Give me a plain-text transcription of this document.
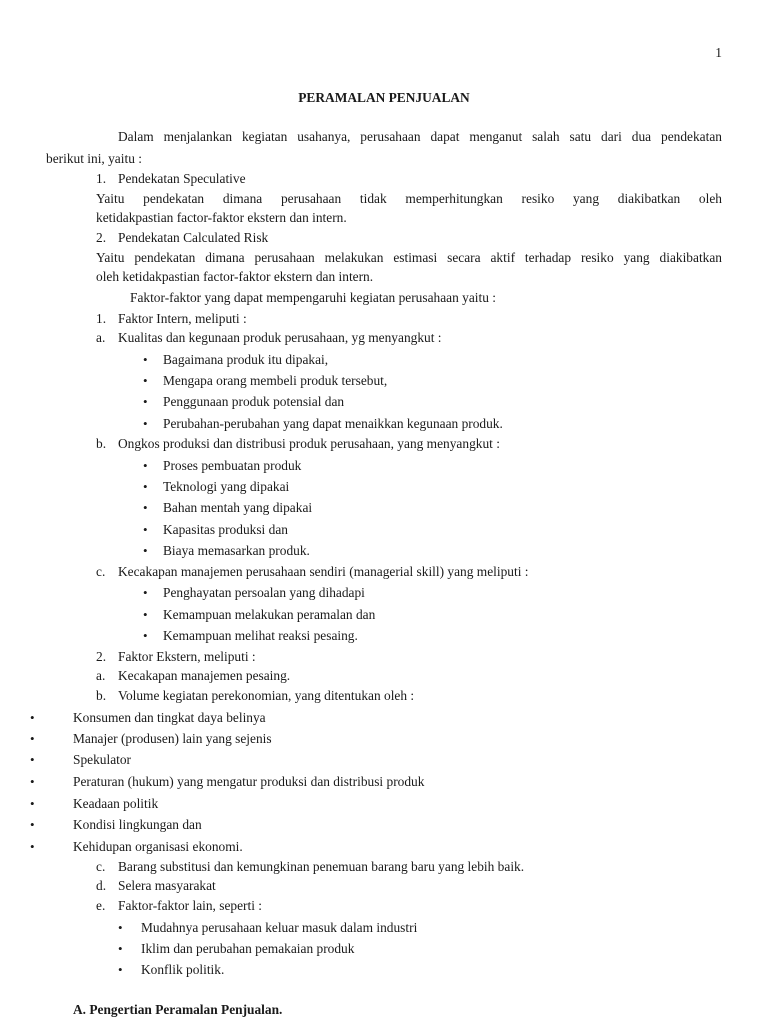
1
PERAMALAN PENJUALAN
Dalam menjalankan kegiatan usahanya, perusahaan dapat menganut salah satu dari dua pendekatan
berikut ini, yaitu :
1. Pendekatan Speculative
Yaitu pendekatan dimana perusahaan tidak memperhitungkan resiko yang diakibatkan oleh
ketidakpastian factor-faktor ekstern dan intern.
2. Pendekatan Calculated Risk
Yaitu pendekatan dimana perusahaan melakukan estimasi secara aktif terhadap resiko yang diakibatkan
oleh ketidakpastian factor-faktor ekstern dan intern.
Faktor-faktor yang dapat mempengaruhi kegiatan perusahaan yaitu :
1. Faktor Intern, meliputi :
a. Kualitas dan kegunaan produk perusahaan, yg menyangkut :
• Bagaimana produk itu dipakai,
• Mengapa orang membeli produk tersebut,
• Penggunaan produk potensial dan
• Perubahan-perubahan yang dapat menaikkan kegunaan produk.
b. Ongkos produksi dan distribusi produk perusahaan, yang menyangkut :
• Proses pembuatan produk
• Teknologi yang dipakai
• Bahan mentah yang dipakai
• Kapasitas produksi dan
• Biaya memasarkan produk.
c. Kecakapan manajemen perusahaan sendiri (managerial skill) yang meliputi :
• Penghayatan persoalan yang dihadapi
• Kemampuan melakukan peramalan dan
• Kemampuan melihat reaksi pesaing.
2. Faktor Ekstern, meliputi :
a. Kecakapan manajemen pesaing.
b. Volume kegiatan perekonomian, yang ditentukan oleh :
•	Konsumen dan tingkat daya belinya
•	Manajer (produsen) lain yang sejenis
•	Spekulator
•	Peraturan (hukum) yang mengatur produksi dan distribusi produk
•	Keadaan politik
•	Kondisi lingkungan dan
•	Kehidupan organisasi ekonomi.
c. Barang substitusi dan kemungkinan penemuan barang baru yang lebih baik.
d. Selera masyarakat
e. Faktor-faktor lain, seperti :
• Mudahnya perusahaan keluar masuk dalam industri
• Iklim dan perubahan pemakaian produk
• Konflik politik.
A. Pengertian Peramalan Penjualan.
